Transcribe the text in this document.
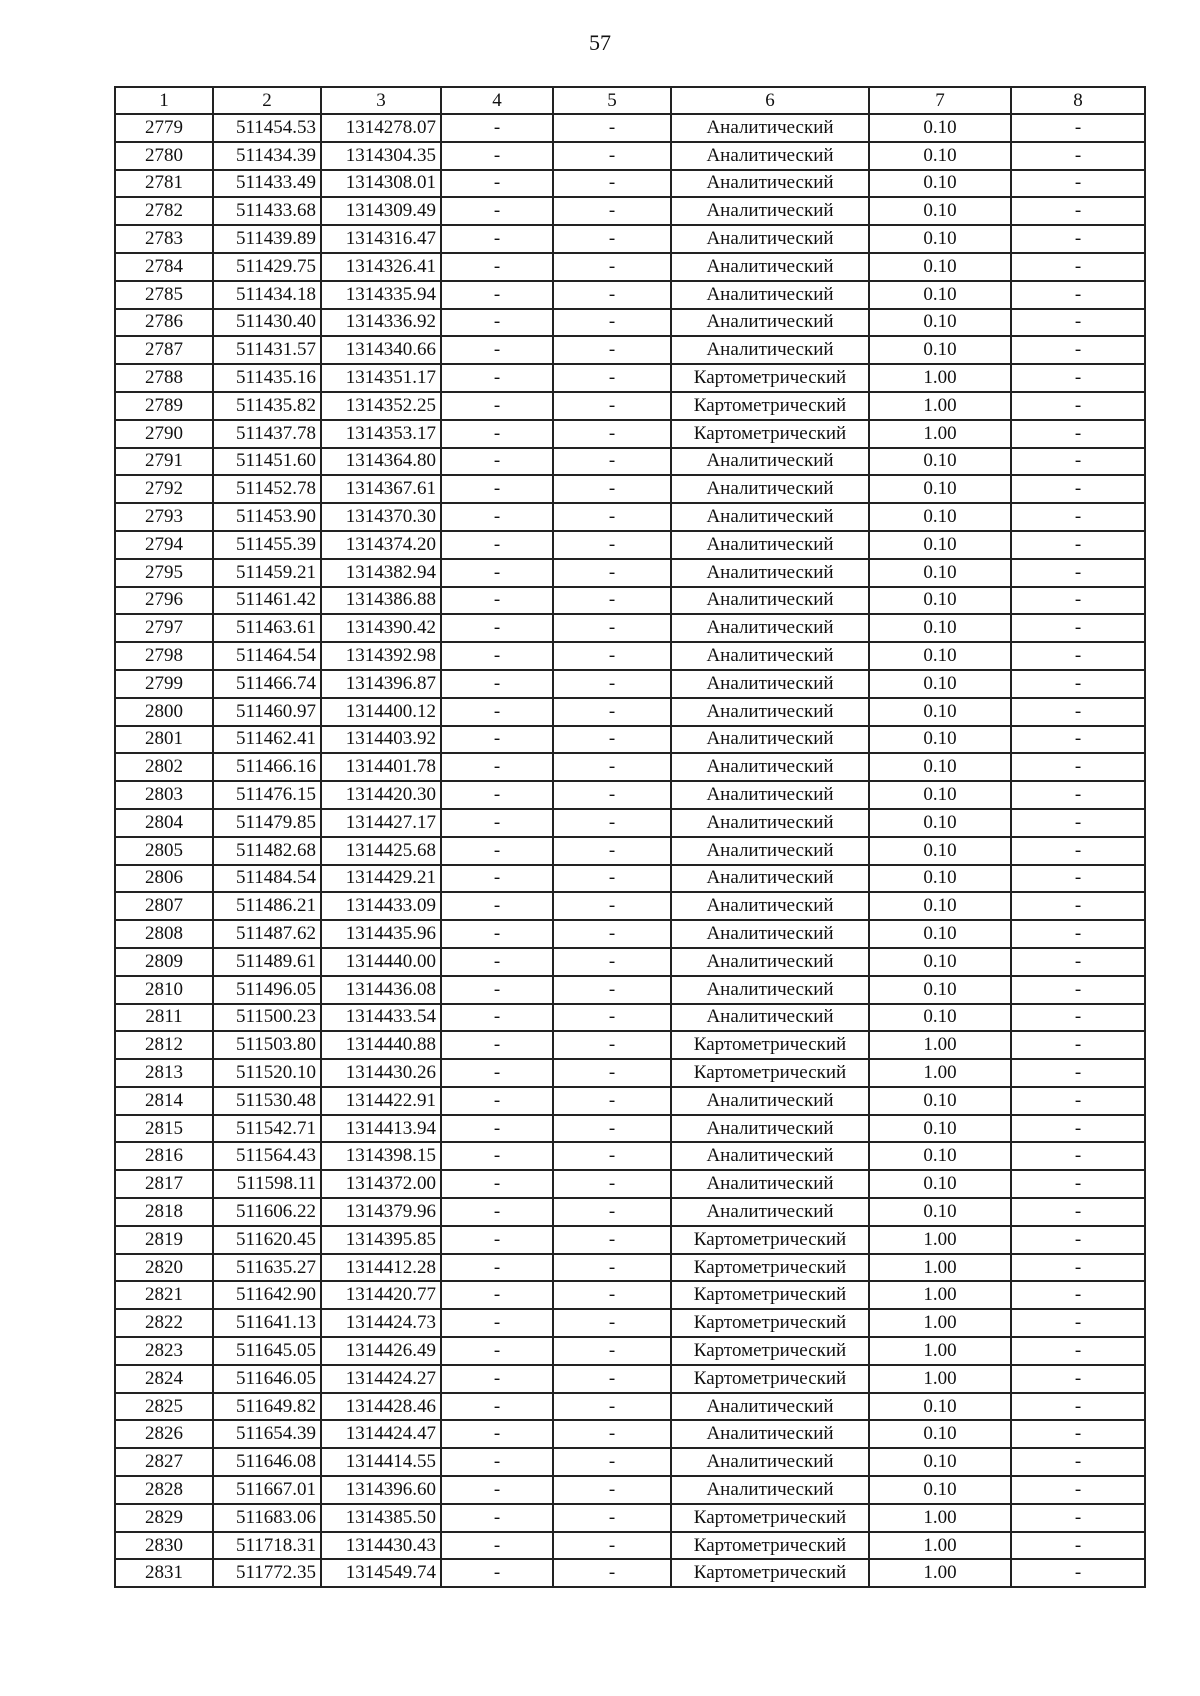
57
1	2	3	4	5	6	7	8
2779	511454.53	1314278.07	-	-	Аналитический	0.10	-
2780	511434.39	1314304.35	-	-	Аналитический	0.10	-
2781	511433.49	1314308.01	-	-	Аналитический	0.10	-
2782	511433.68	1314309.49	-	-	Аналитический	0.10	-
2783	511439.89	1314316.47	-	-	Аналитический	0.10	-
2784	511429.75	1314326.41	-	-	Аналитический	0.10	-
2785	511434.18	1314335.94	-	-	Аналитический	0.10	-
2786	511430.40	1314336.92	-	-	Аналитический	0.10	-
2787	511431.57	1314340.66	-	-	Аналитический	0.10	-
2788	511435.16	1314351.17	-	-	Картометрический	1.00	-
2789	511435.82	1314352.25	-	-	Картометрический	1.00	-
2790	511437.78	1314353.17	-	-	Картометрический	1.00	-
2791	511451.60	1314364.80	-	-	Аналитический	0.10	-
2792	511452.78	1314367.61	-	-	Аналитический	0.10	-
2793	511453.90	1314370.30	-	-	Аналитический	0.10	-
2794	511455.39	1314374.20	-	-	Аналитический	0.10	-
2795	511459.21	1314382.94	-	-	Аналитический	0.10	-
2796	511461.42	1314386.88	-	-	Аналитический	0.10	-
2797	511463.61	1314390.42	-	-	Аналитический	0.10	-
2798	511464.54	1314392.98	-	-	Аналитический	0.10	-
2799	511466.74	1314396.87	-	-	Аналитический	0.10	-
2800	511460.97	1314400.12	-	-	Аналитический	0.10	-
2801	511462.41	1314403.92	-	-	Аналитический	0.10	-
2802	511466.16	1314401.78	-	-	Аналитический	0.10	-
2803	511476.15	1314420.30	-	-	Аналитический	0.10	-
2804	511479.85	1314427.17	-	-	Аналитический	0.10	-
2805	511482.68	1314425.68	-	-	Аналитический	0.10	-
2806	511484.54	1314429.21	-	-	Аналитический	0.10	-
2807	511486.21	1314433.09	-	-	Аналитический	0.10	-
2808	511487.62	1314435.96	-	-	Аналитический	0.10	-
2809	511489.61	1314440.00	-	-	Аналитический	0.10	-
2810	511496.05	1314436.08	-	-	Аналитический	0.10	-
2811	511500.23	1314433.54	-	-	Аналитический	0.10	-
2812	511503.80	1314440.88	-	-	Картометрический	1.00	-
2813	511520.10	1314430.26	-	-	Картометрический	1.00	-
2814	511530.48	1314422.91	-	-	Аналитический	0.10	-
2815	511542.71	1314413.94	-	-	Аналитический	0.10	-
2816	511564.43	1314398.15	-	-	Аналитический	0.10	-
2817	511598.11	1314372.00	-	-	Аналитический	0.10	-
2818	511606.22	1314379.96	-	-	Аналитический	0.10	-
2819	511620.45	1314395.85	-	-	Картометрический	1.00	-
2820	511635.27	1314412.28	-	-	Картометрический	1.00	-
2821	511642.90	1314420.77	-	-	Картометрический	1.00	-
2822	511641.13	1314424.73	-	-	Картометрический	1.00	-
2823	511645.05	1314426.49	-	-	Картометрический	1.00	-
2824	511646.05	1314424.27	-	-	Картометрический	1.00	-
2825	511649.82	1314428.46	-	-	Аналитический	0.10	-
2826	511654.39	1314424.47	-	-	Аналитический	0.10	-
2827	511646.08	1314414.55	-	-	Аналитический	0.10	-
2828	511667.01	1314396.60	-	-	Аналитический	0.10	-
2829	511683.06	1314385.50	-	-	Картометрический	1.00	-
2830	511718.31	1314430.43	-	-	Картометрический	1.00	-
2831	511772.35	1314549.74	-	-	Картометрический	1.00	-
